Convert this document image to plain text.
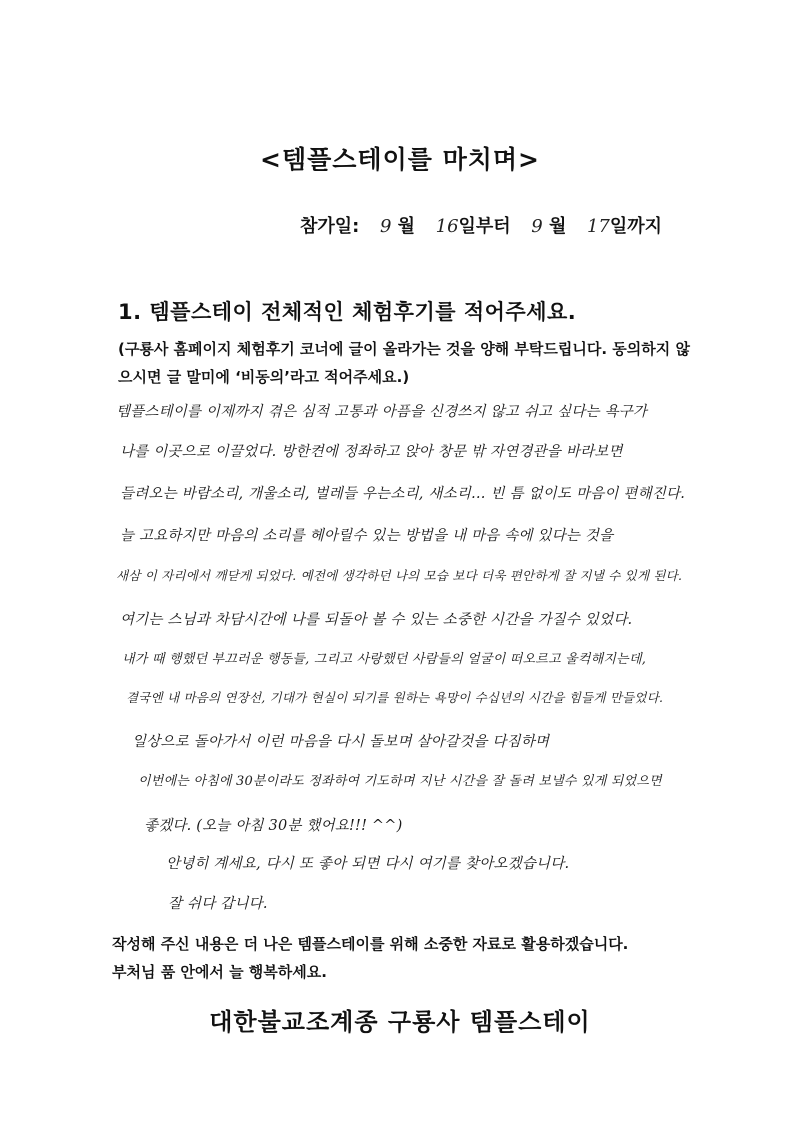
<템플스테이를 마치며>
참가일: 9 월 16일부터 9 월 17일까지
1. 템플스테이 전체적인 체험후기를 적어주세요.
(구룡사 홈페이지 체험후기 코너에 글이 올라가는 것을 양해 부탁드립니다. 동의하지 않으시면 글 말미에 ‘비동의’라고 적어주세요.)
템플스테이를 이제까지 겪은 심적 고통과 아픔을 신경쓰지 않고 쉬고 싶다는 욕구가
나를 이곳으로 이끌었다. 방한켠에 정좌하고 앉아 창문 밖 자연경관을 바라보면
들려오는 바람소리, 개울소리, 벌레들 우는소리, 새소리… 빈 틈 없이도 마음이 편해진다.
늘 고요하지만 마음의 소리를 헤아릴수 있는 방법을 내 마음 속에 있다는 것을
새삼 이 자리에서 깨닫게 되었다. 예전에 생각하던 나의 모습 보다 더욱 편안하게 잘 지낼 수 있게 된다.
여기는 스님과 차담시간에 나를 되돌아 볼 수 있는 소중한 시간을 가질수 있었다.
내가 때 행했던 부끄러운 행동들, 그리고 사랑했던 사람들의 얼굴이 떠오르고 울컥해지는데,
결국엔 내 마음의 연장선, 기대가 현실이 되기를 원하는 욕망이 수십년의 시간을 힘들게 만들었다.
일상으로 돌아가서 이런 마음을 다시 돌보며 살아갈것을 다짐하며
이번에는 아침에 30분이라도 정좌하여 기도하며 지난 시간을 잘 돌려 보낼수 있게 되었으면
좋겠다. (오늘 아침 30분 했어요!!! ^^)
안녕히 계세요, 다시 또 좋아 되면 다시 여기를 찾아오겠습니다.
잘 쉬다 갑니다.
작성해 주신 내용은 더 나은 템플스테이를 위해 소중한 자료로 활용하겠습니다.
부처님 품 안에서 늘 행복하세요.
대한불교조계종 구룡사 템플스테이
